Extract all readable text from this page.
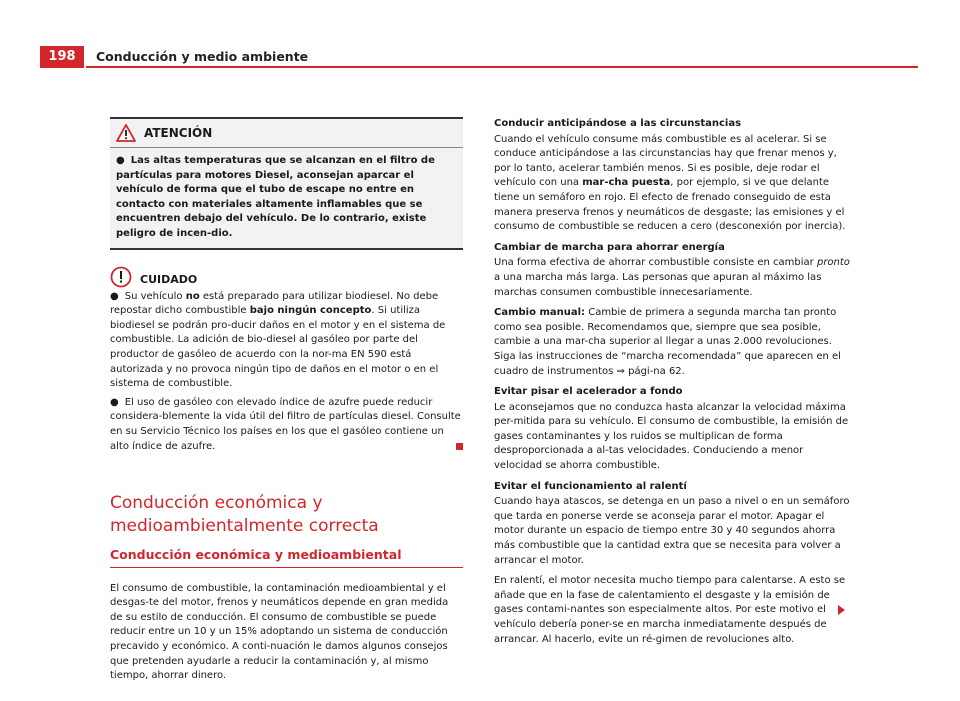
198	Conducción y medio ambiente
ATENCIÓN
● Las altas temperaturas que se alcanzan en el filtro de partículas para motores Diesel, aconsejan aparcar el vehículo de forma que el tubo de escape no entre en contacto con materiales altamente inflamables que se encuentren debajo del vehículo. De lo contrario, existe peligro de incen-dio.
CUIDADO

● Su vehículo no está preparado para utilizar biodiesel. No debe repostar dicho combustible bajo ningún concepto. Si utiliza biodiesel se podrán pro-ducir daños en el motor y en el sistema de combustible. La adición de bio-diesel al gasóleo por parte del productor de gasóleo de acuerdo con la nor-ma EN 590 está autorizada y no provoca ningún tipo de daños en el motor o en el sistema de combustible.

● El uso de gasóleo con elevado índice de azufre puede reducir considera-blemente la vida útil del filtro de partículas diesel. Consulte en su Servicio Técnico los países en los que el gasóleo contiene un alto índice de azufre.

Conducción económica y medioambientalmente correcta
Conducción económica y medioambiental

El consumo de combustible, la contaminación medioambiental y el desgas-te del motor, frenos y neumáticos depende en gran medida de su estilo de conducción. El consumo de combustible se puede reducir entre un 10 y un 15% adoptando un sistema de conducción precavido y económico. A conti-nuación le damos algunos consejos que pretenden ayudarle a reducir la contaminación y, al mismo tiempo, ahorrar dinero.

Conducir anticipándose a las circunstancias

Cuando el vehículo consume más combustible es al acelerar. Si se conduce anticipándose a las circunstancias hay que frenar menos y, por lo tanto, acelerar también menos. Si es posible, deje rodar el vehículo con una mar-cha puesta, por ejemplo, si ve que delante tiene un semáforo en rojo. El efecto de frenado conseguido de esta manera preserva frenos y neumáticos de desgaste; las emisiones y el consumo de combustible se reducen a cero (desconexión por inercia).

Cambiar de marcha para ahorrar energía

Una forma efectiva de ahorrar combustible consiste en cambiar pronto a una marcha más larga. Las personas que apuran al máximo las marchas consumen combustible innecesariamente.

Cambio manual: Cambie de primera a segunda marcha tan pronto como sea posible. Recomendamos que, siempre que sea posible, cambie a una mar-cha superior al llegar a unas 2.000 revoluciones. Siga las instrucciones de “marcha recomendada” que aparecen en el cuadro de instrumentos ⇒ pági-na 62.

Evitar pisar el acelerador a fondo

Le aconsejamos que no conduzca hasta alcanzar la velocidad máxima per-mitida para su vehículo. El consumo de combustible, la emisión de gases contaminantes y los ruidos se multiplican de forma desproporcionada a al-tas velocidades. Conduciendo a menor velocidad se ahorra combustible.

Evitar el funcionamiento al ralentí

Cuando haya atascos, se detenga en un paso a nivel o en un semáforo que tarda en ponerse verde se aconseja parar el motor. Apagar el motor durante un espacio de tiempo entre 30 y 40 segundos ahorra más combustible que la cantidad extra que se necesita para volver a arrancar el motor.

En ralentí, el motor necesita mucho tiempo para calentarse. A esto se añade que en la fase de calentamiento el desgaste y la emisión de gases contami-nantes son especialmente altos. Por este motivo el vehículo debería poner-se en marcha inmediatamente después de arrancar. Al hacerlo, evite un ré-gimen de revoluciones alto.
